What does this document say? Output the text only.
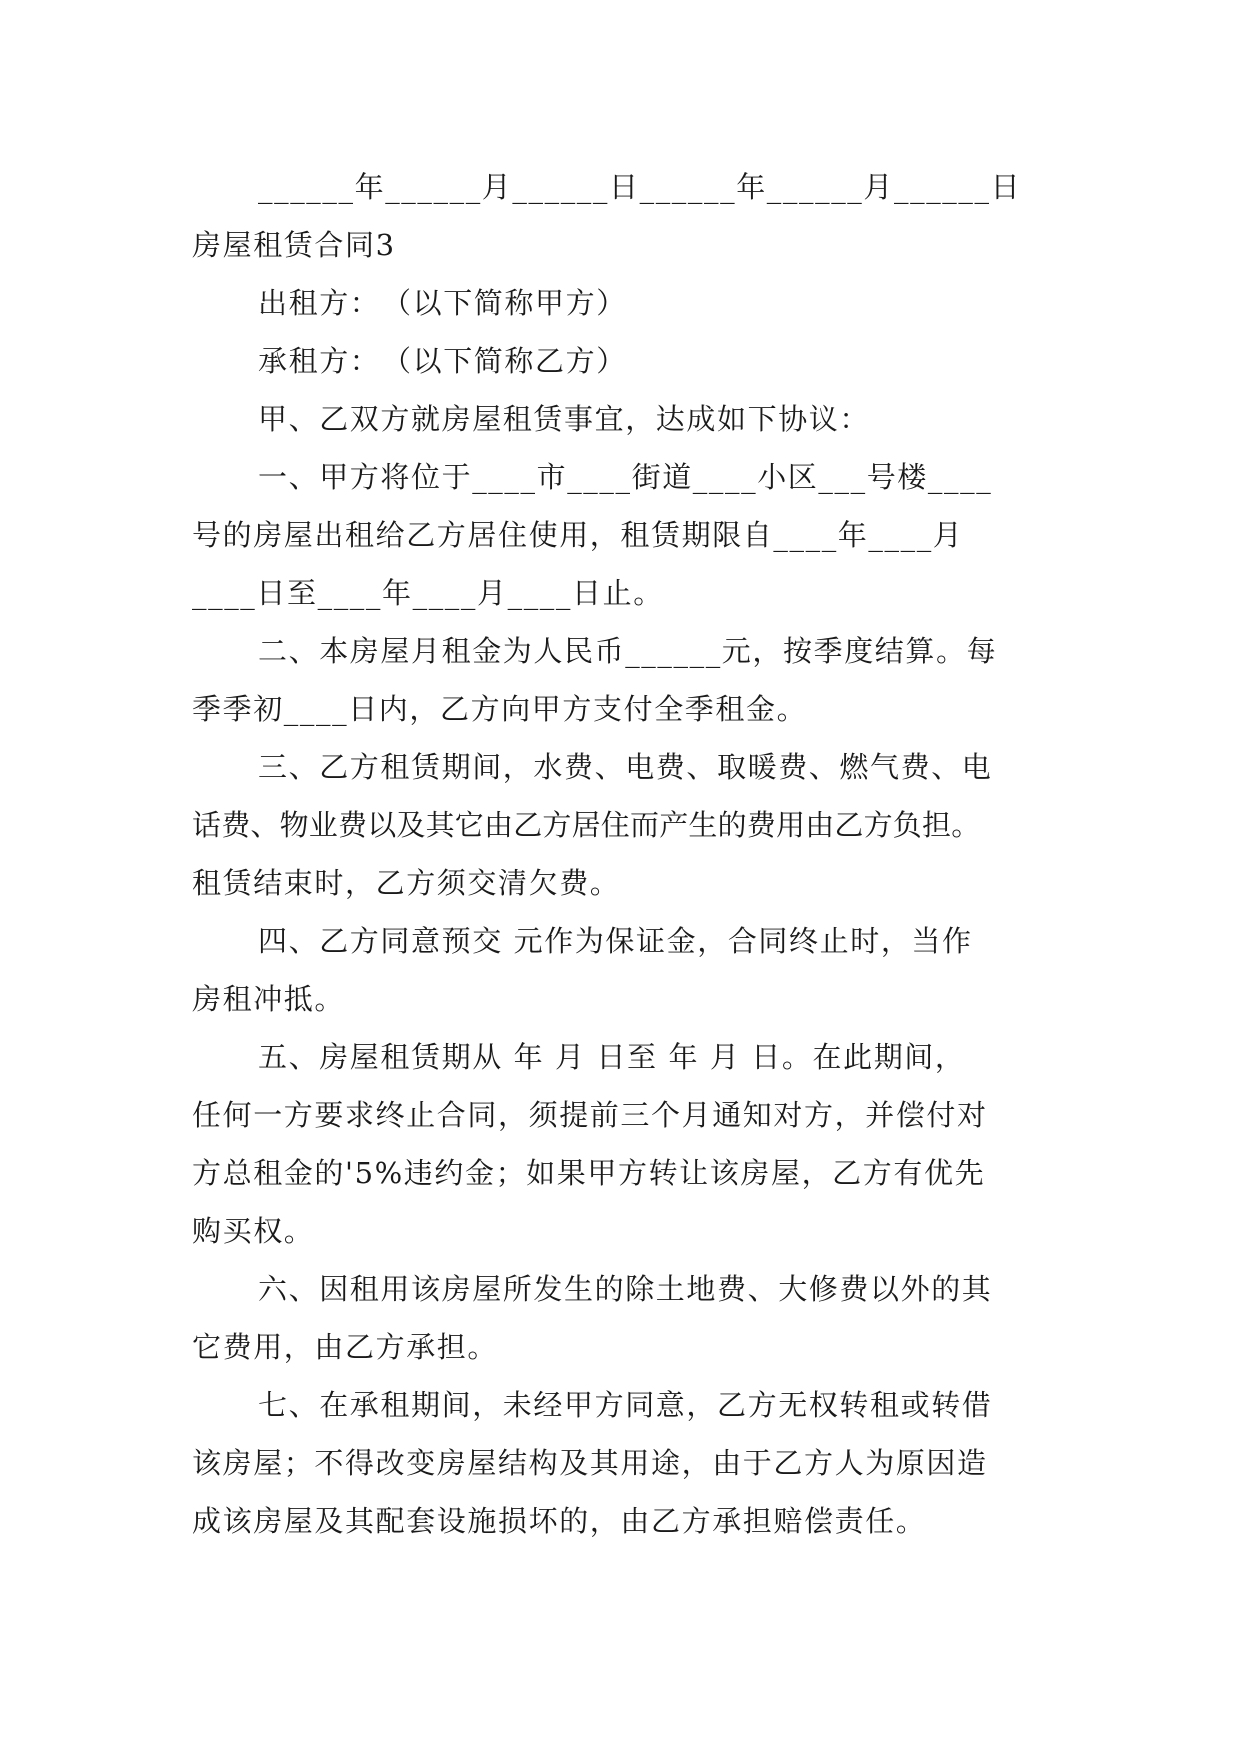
______年______月______日______年______月______日
房屋租赁合同3
出租方：　（以下简称甲方）
承租方：　（以下简称乙方）
甲、乙双方就房屋租赁事宜，达成如下协议：
一、甲方将位于____市____街道____小区___号楼____
号的房屋出租给乙方居住使用，租赁期限自____年____月
____日至____年____月____日止。
二、本房屋月租金为人民币______元，按季度结算。每
季季初____日内，乙方向甲方支付全季租金。
三、乙方租赁期间，水费、电费、取暖费、燃气费、电
话费、物业费以及其它由乙方居住而产生的费用由乙方负担。
租赁结束时，乙方须交清欠费。
四、乙方同意预交 元作为保证金，合同终止时，当作
房租冲抵。
五、房屋租赁期从 年 月 日至 年 月 日。在此期间，
任何一方要求终止合同，须提前三个月通知对方，并偿付对
方总租金的'5%违约金；如果甲方转让该房屋，乙方有优先
购买权。
六、因租用该房屋所发生的除土地费、大修费以外的其
它费用，由乙方承担。
七、在承租期间，未经甲方同意，乙方无权转租或转借
该房屋；不得改变房屋结构及其用途，由于乙方人为原因造
成该房屋及其配套设施损坏的，由乙方承担赔偿责任。
